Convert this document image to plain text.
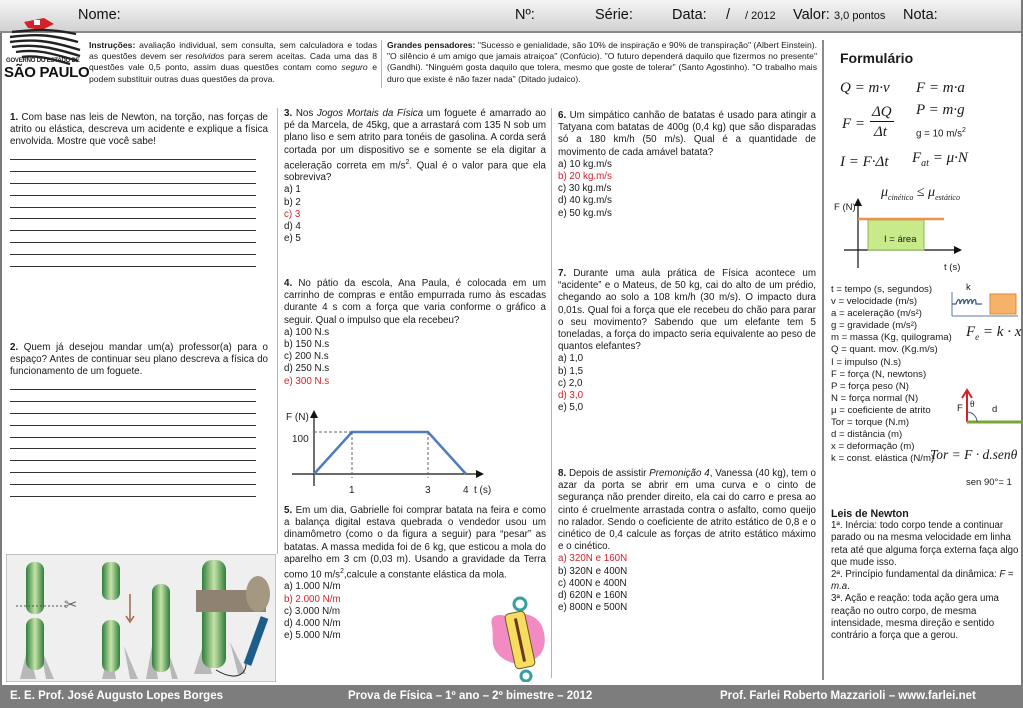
Nome:	Nº:	Série:	Data: / / 2012 Valor: 3,0 pontos Nota:
GOVERNO DO ESTADO DE
SÃO PAULO
Instruções: avaliação individual, sem consulta, sem calculadora e todas as questões devem ser resolvidos para serem aceitas. Cada uma das 8 questões vale 0,5 ponto, assim duas questões contam como seguro e podem substituir outras duas questões da prova.
Grandes pensadores: "Sucesso e genialidade, são 10% de inspiração e 90% de transpiração" (Albert Einstein). "O silêncio é um amigo que jamais atraiçoa" (Confúcio). "O futuro dependerá daquilo que fizermos no presente" (Gandhi). “Ninguém gosta daquilo que tolera, mesmo que goste de tolerar” (Santo Agostinho). "O trabalho mais duro que existe é não fazer nada" (Ditado judaico).

1. Com base nas leis de Newton, na torção, nas forças de atrito ou elástica, descreva um acidente e explique a física envolvida. Mostre que você sabe!

2. Quem já desejou mandar um(a) professor(a) para o espaço? Antes de continuar seu plano descreva a física do funcionamento de um foguete.

✂

3. Nos Jogos Mortais da Física um foguete é amarrado ao pé da Marcela, de 45kg, que a arrastará com 135 N sob um plano liso e sem atrito para tonéis de gasolina. A corda será cortada por um dispositivo se e somente se ela digitar a aceleração correta em $m/s^2$. Qual é o valor para que ela sobreviva?

a) 1
b) 2
c) 3
d) 4
e) 5

4. No pátio da escola, Ana Paula, é colocada em um carrinho de compras e então empurrada rumo às escadas durante 4 s com a força que varia conforme o gráfico a seguir. Qual o impulso que ela recebeu?

a) 100 N.s
b) 150 N.s
c) 200 N.s
d) 250 N.s
e) 300 N.s
F (N)
1	3	4
100
t (s)

5. Em um dia, Gabrielle foi comprar batata na feira e como a balança digital estava quebrada o vendedor usou um dinamômetro (como o da figura a seguir) para “pesar” as batatas. A massa medida foi de 6 kg, que esticou a mola do aparelho em 3 cm (0,03 m). Usando a gravidade da Terra como 10 $m/s^2,calcule$ a constante elástica da mola.

a) 1.000 N/m
b) 2.000 N/m
c) 3.000 N/m
d) 4.000 N/m
e) 5.000 N/m

6. Um simpático canhão de batatas é usado para atingir a Tatyana com batatas de 400g (0,4 kg) que são disparadas só a 180 km/h (50 m/s). Qual é a quantidade de movimento de cada amável batata?

a) 10 kg.m/s
b) 20 kg.m/s
c) 30 kg.m/s
d) 40 kg.m/s
e) 50 kg.m/s

7. Durante uma aula prática de Física acontece um “acidente” e o Mateus, de 50 kg, cai do alto de um prédio, chegando ao solo a 108 km/h (30 m/s). O impacto dura 0,01s. Qual foi a força que ele recebeu do chão para parar o seu movimento? Sabendo que um elefante tem 5 toneladas, a força do impacto seria equivalente ao peso de quantos elefantes?

a) 1,0
b) 1,5
c) 2,0
d) 3,0
e) 5,0

8. Depois de assistir Premonição 4, Vanessa (40 kg), tem o azar da porta se abrir em uma curva e o cinto de segurança não prender direito, ela cai do carro e presa ao cinto é cruelmente arrastada contra o asfalto, como queijo no ralador. Sendo o coeficiente de atrito estático de 0,8 e o cinético de 0,4 calcule as forças de atrito estático máximo e o cinético.

a) 320N e 160N
b) 320N e 400N
c) 400N e 400N
d) 620N e 160N
e) 800N e 500N
Formulário
Q = m·v F = m·a
F =
ΔQ
Δt
P = m·g
g = 10 $m/s^2$
I = F·Δt $F_{at} = \mu\cdot N$
$\mu_{cinético} \le \mu_{estático}$
F (N)
I = área
t (s)
k
$F_e = k \cdot x$
F θ d
Tor = F · d.senθ
sen 90°= 1
t = tempo (s, segundos)
v = velocidade (m/s)
a = aceleração (m/s²)
g = gravidade (m/s²)
m = massa (Kg, quilograma)
Q = quant. mov. (Kg.m/s)
I = impulso (N.s)
F = força (N, newtons)
P = força peso (N)
N = força normal (N)
μ = coeficiente de atrito
Tor = torque (N.m)
d = distância (m)
x = deformação (m)
k = const. elástica (N/m)
Leis de Newton

1ª. Inércia: todo corpo tende a continuar parado ou na mesma velocidade em linha reta até que alguma força externa faça algo que mude isso.

2ª. Princípio fundamental da dinâmica: F = m.a.

3ª. Ação e reação: toda ação gera uma reação no outro corpo, de mesma intensidade, mesma direção e sentido contrário a força que a gerou.

E. E. Prof. José Augusto Lopes Borges	Prova de Física – 1º ano – 2º bimestre – 2012	Prof. Farlei Roberto Mazzarioli – www.farlei.net
